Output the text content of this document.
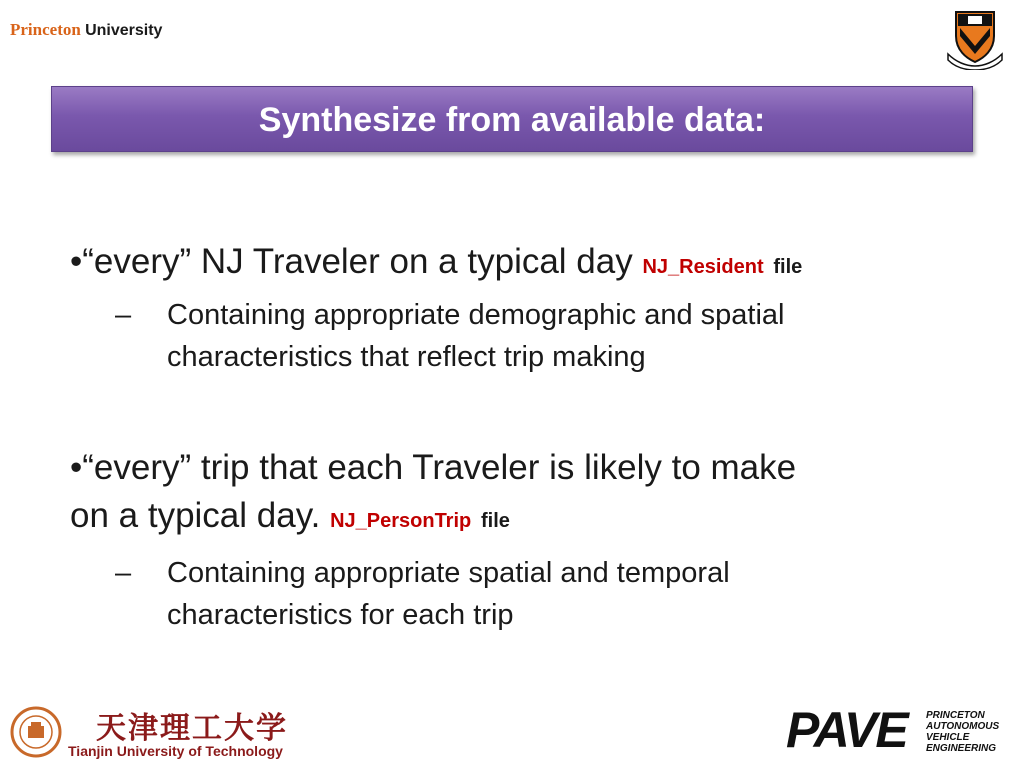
Princeton University
Synthesize from available data:
•“every” NJ Traveler on a typical day NJ_Resident file
– Containing appropriate demographic and spatial
characteristics that reflect trip making
•“every” trip that each Traveler is likely to make
on a typical day. NJ_PersonTrip file
– Containing appropriate spatial and temporal
characteristics for each trip
天津理工大学
Tianjin University of Technology	PAVE PRINCETON
AUTONOMOUS
VEHICLE
ENGINEERING
